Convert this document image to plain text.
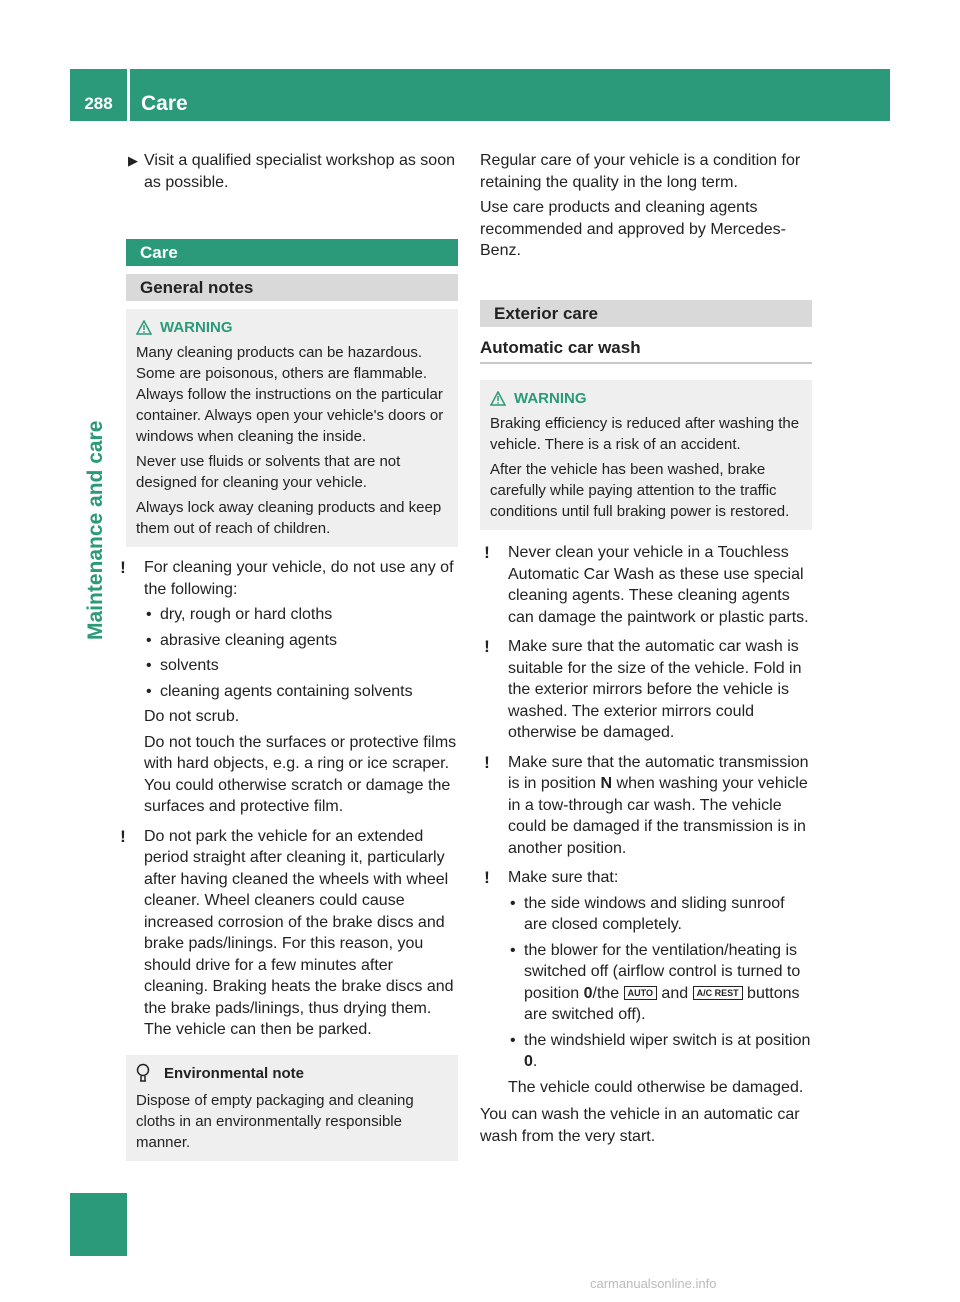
288	Care
Maintenance and care

▶ Visit a qualified specialist workshop as soon as possible.

Care
General notes
WARNING

Many cleaning products can be hazardous. Some are poisonous, others are flammable. Always follow the instructions on the particular container. Always open your vehicle's doors or windows when cleaning the inside.

Never use fluids or solvents that are not designed for cleaning your vehicle.

Always lock away cleaning products and keep them out of reach of children.

! For cleaning your vehicle, do not use any of the following:

• dry, rough or hard cloths
• abrasive cleaning agents
• solvents
• cleaning agents containing solvents

Do not scrub.

Do not touch the surfaces or protective films with hard objects, e.g. a ring or ice scraper. You could otherwise scratch or damage the surfaces and protective film.

! Do not park the vehicle for an extended period straight after cleaning it, particularly after having cleaned the wheels with wheel cleaner. Wheel cleaners could cause increased corrosion of the brake discs and brake pads/linings. For this reason, you should drive for a few minutes after cleaning. Braking heats the brake discs and the brake pads/linings, thus drying them. The vehicle can then be parked.

Environmental note

Dispose of empty packaging and cleaning cloths in an environmentally responsible manner.

Regular care of your vehicle is a condition for retaining the quality in the long term.

Use care products and cleaning agents recommended and approved by Mercedes-Benz.

Exterior care
Automatic car wash
WARNING

Braking efficiency is reduced after washing the vehicle. There is a risk of an accident.

After the vehicle has been washed, brake carefully while paying attention to the traffic conditions until full braking power is restored.

! Never clean your vehicle in a Touchless Automatic Car Wash as these use special cleaning agents. These cleaning agents can damage the paintwork or plastic parts.

! Make sure that the automatic car wash is suitable for the size of the vehicle. Fold in the exterior mirrors before the vehicle is washed. The exterior mirrors could otherwise be damaged.

! Make sure that the automatic transmission is in position N when washing your vehicle in a tow-through car wash. The vehicle could be damaged if the transmission is in another position.

! Make sure that:

• the side windows and sliding sunroof are closed completely.
• the blower for the ventilation/heating is switched off (airflow control is turned to position 0/the AUTO and A/C REST buttons are switched off).
• the windshield wiper switch is at position 0.

The vehicle could otherwise be damaged.

You can wash the vehicle in an automatic car wash from the very start.

carmanualsonline.info
